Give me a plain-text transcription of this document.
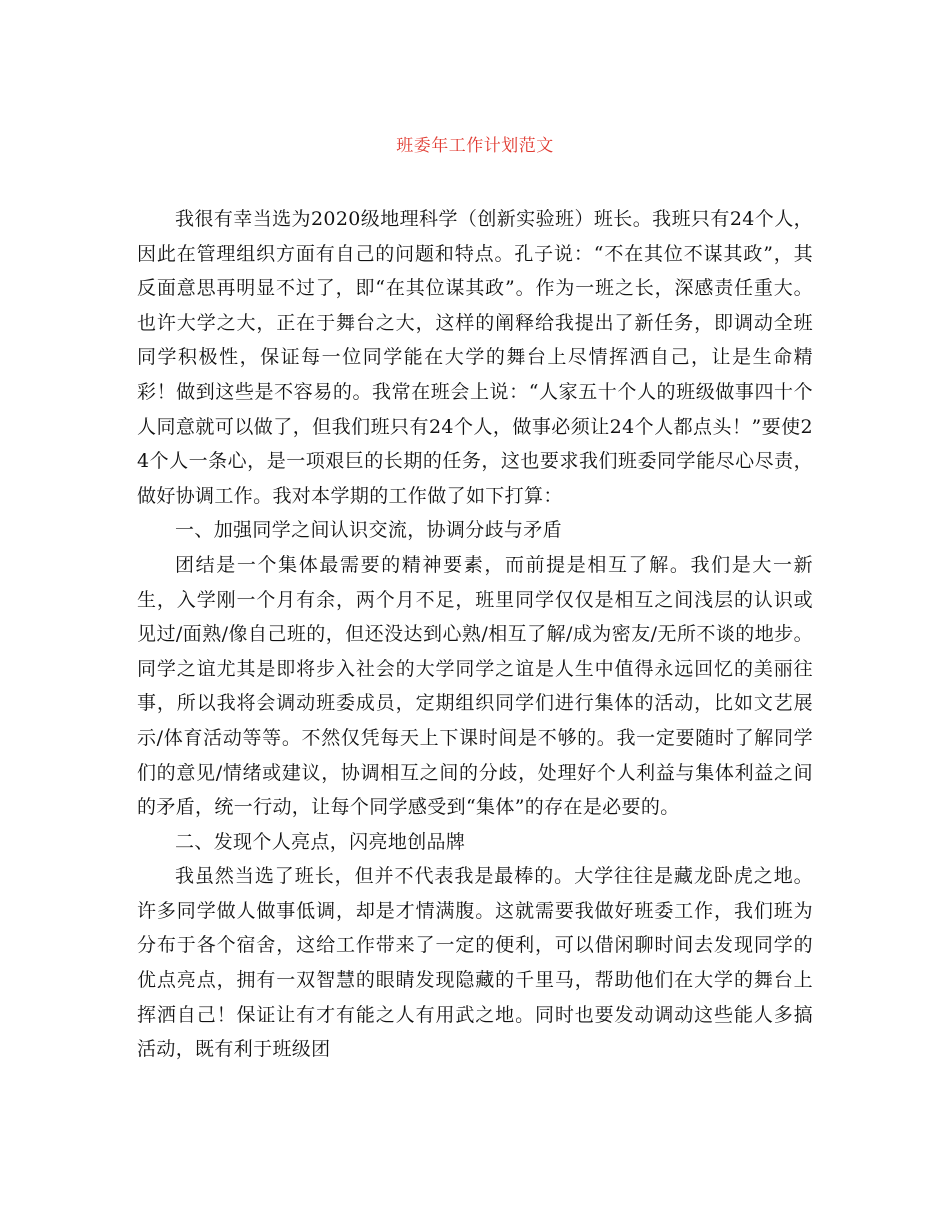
班委年工作计划范文

我很有幸当选为2020级地理科学（创新实验班）班长。我班只有24个人，因此在管理组织方面有自己的问题和特点。孔子说：“不在其位不谋其政”，其反面意思再明显不过了，即“在其位谋其政”。作为一班之长，深感责任重大。也许大学之大，正在于舞台之大，这样的阐释给我提出了新任务，即调动全班同学积极性，保证每一位同学能在大学的舞台上尽情挥洒自己，让是生命精彩！做到这些是不容易的。我常在班会上说：“人家五十个人的班级做事四十个人同意就可以做了，但我们班只有24个人，做事必须让24个人都点头！”要使24个人一条心，是一项艰巨的长期的任务，这也要求我们班委同学能尽心尽责，做好协调工作。我对本学期的工作做了如下打算：

一、加强同学之间认识交流，协调分歧与矛盾

团结是一个集体最需要的精神要素，而前提是相互了解。我们是大一新生，入学刚一个月有余，两个月不足，班里同学仅仅是相互之间浅层的认识或见过/面熟/像自己班的，但还没达到心熟/相互了解/成为密友/无所不谈的地步。同学之谊尤其是即将步入社会的大学同学之谊是人生中值得永远回忆的美丽往事，所以我将会调动班委成员，定期组织同学们进行集体的活动，比如文艺展示/体育活动等等。不然仅凭每天上下课时间是不够的。我一定要随时了解同学们的意见/情绪或建议，协调相互之间的分歧，处理好个人利益与集体利益之间的矛盾，统一行动，让每个同学感受到“集体”的存在是必要的。

二、发现个人亮点，闪亮地创品牌

我虽然当选了班长，但并不代表我是最棒的。大学往往是藏龙卧虎之地。许多同学做人做事低调，却是才情满腹。这就需要我做好班委工作，我们班为分布于各个宿舍，这给工作带来了一定的便利，可以借闲聊时间去发现同学的优点亮点，拥有一双智慧的眼睛发现隐藏的千里马，帮助他们在大学的舞台上挥洒自己！保证让有才有能之人有用武之地。同时也要发动调动这些能人多搞活动，既有利于班级团
